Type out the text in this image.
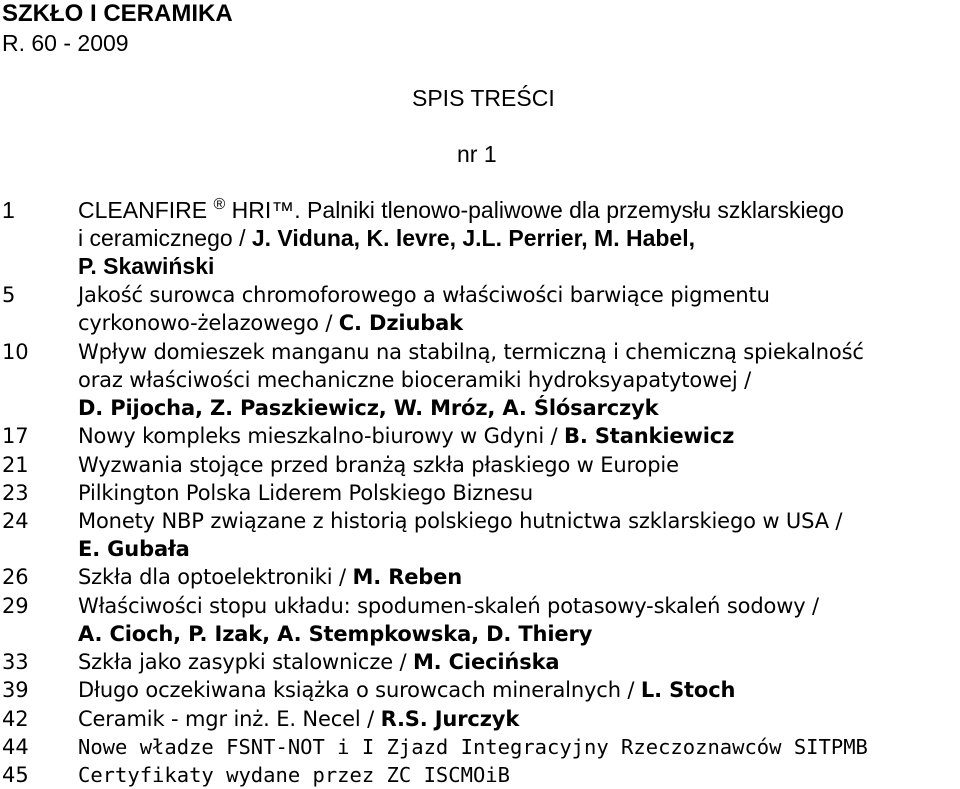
SZKŁO I CERAMIKA
R. 60 - 2009
SPIS TREŚCI
nr 1
1	CLEANFIRE ® HRI™. Palniki tlenowo-paliwowe dla przemysłu szklarskiego
i ceramicznego / J. Viduna, K. levre, J.L. Perrier, M. Habel,
P. Skawiński
5	Jakość surowca chromoforowego a właściwości barwiące pigmentu
cyrkonowo-żelazowego / C. Dziubak
10 Wpływ domieszek manganu na stabilną, termiczną i chemiczną spiekalność
oraz właściwości mechaniczne bioceramiki hydroksyapatytowej /
D. Pijocha, Z. Paszkiewicz, W. Mróz, A. Ślósarczyk
17 Nowy kompleks mieszkalno-biurowy w Gdyni / B. Stankiewicz
21 Wyzwania stojące przed branżą szkła płaskiego w Europie
23 Pilkington Polska Liderem Polskiego Biznesu
24 Monety NBP związane z historią polskiego hutnictwa szklarskiego w USA /
E. Gubała
26 Szkła dla optoelektroniki / M. Reben
29 Właściwości stopu układu: spodumen-skaleń potasowy-skaleń sodowy /
A. Cioch, P. Izak, A. Stempkowska, D. Thiery
33 Szkła jako zasypki stalownicze / M. Ciecińska
39 Długo oczekiwana książka o surowcach mineralnych / L. Stoch
42 Ceramik - mgr inż. E. Necel / R.S. Jurczyk
44 Nowe władze FSNT-NOT i I Zjazd Integracyjny Rzeczoznawców SITPMB
45 Certyfikaty wydane przez ZC ISCMOiB
